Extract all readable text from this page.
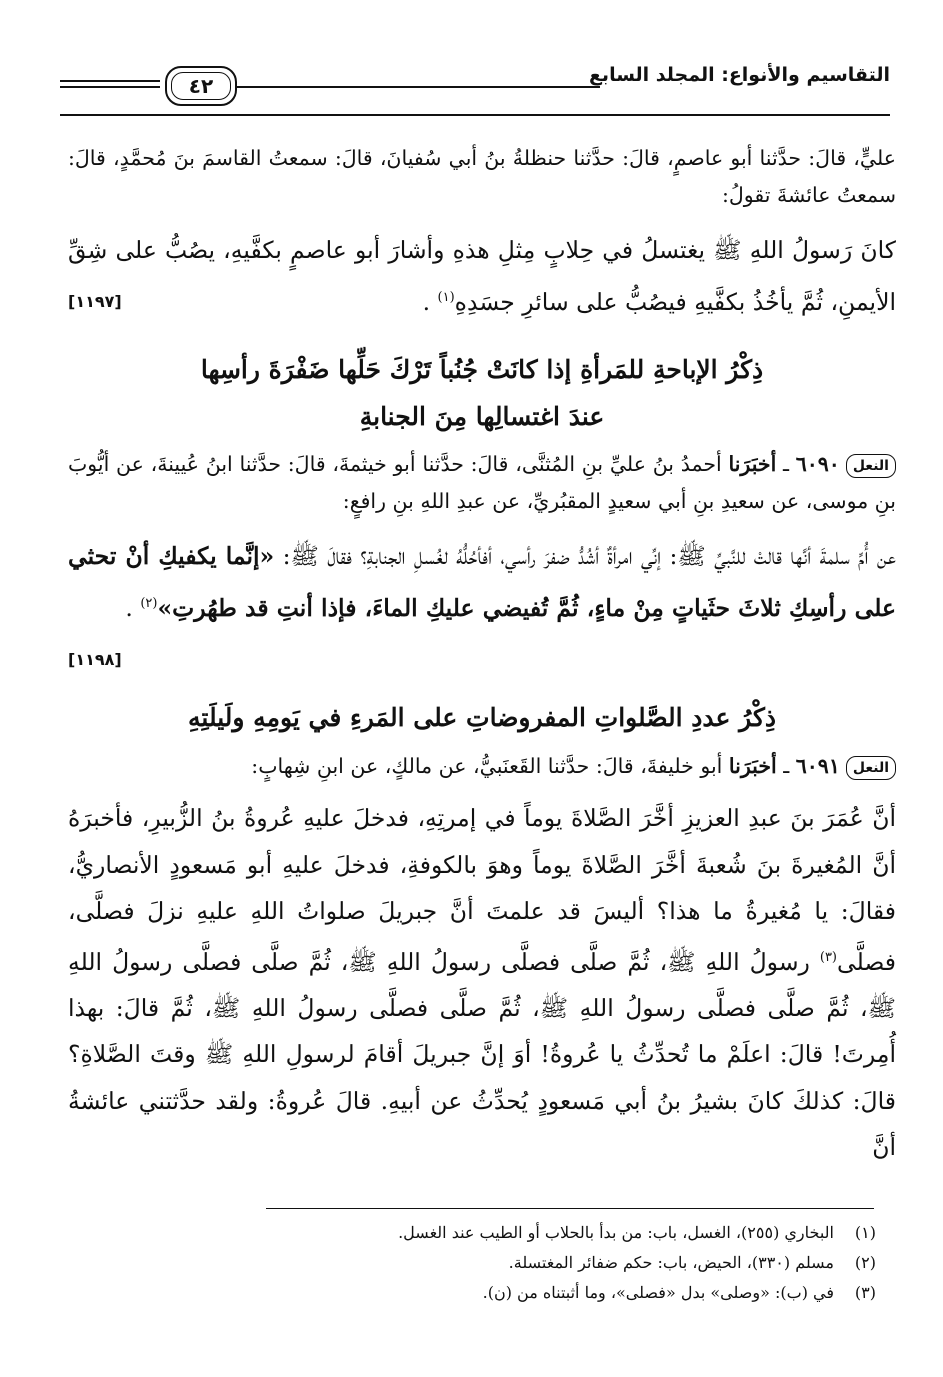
التقاسيم والأنواع: المجلد السابع
٤٢
عليٍّ، قالَ: حدَّثنا أبو عاصمٍ، قالَ: حدَّثنا حنظلةُ بنُ أبي سُفيانَ، قالَ: سمعتُ القاسمَ بنَ مُحمَّدٍ، قالَ: سمعتُ عائشةَ تقولُ:
كانَ رَسولُ اللهِ ﷺ يغتسلُ في حِلابٍ مِثلِ هذهِ وأشارَ أبو عاصمٍ بكفَّيهِ، يصُبُّ على شِقِّ الأيمنِ، ثُمَّ يأخُذُ بكفَّيهِ فيصُبُّ على سائرِ جسَدِهِ$^{(١)}$ .
[١١٩٧]
ذِكْرُ الإباحةِ للمَرأةِ إذا كانَتْ جُنُباً تَرْكَ حَلِّها ضَفْرَةَ رأسِها
عندَ اغتسالِها مِنَ الجنابةِ
النعل٦٠٩٠ ـ أخبَرَنا أحمدُ بنُ عليِّ بنِ المُثنَّى، قالَ: حدَّثنا أبو خيثمةَ، قالَ: حدَّثنا ابنُ عُيينةَ، عن أيُّوبَ بنِ موسى، عن سعيدِ بنِ أبي سعيدٍ المقبُريِّ، عن عبدِ اللهِ بنِ رافعٍ:
عن أُمِّ سلمةَ أنَّها قالتْ للنَّبيِّ ﷺ: إنِّي امرأةٌ أشُدُّ ضفرَ رأسي، أفأحُلُّهُ لغُسلِ الجنابةِ؟ فقالَ ﷺ: «إنَّما يكفيكِ أنْ تحثي على رأسِكِ ثلاثَ حثَياتٍ مِنْ ماءٍ، ثُمَّ تُفيضي عليكِ الماءَ، فإذا أنتِ قد طهُرتِ»$^{(٢)}$ .
[١١٩٨]
ذِكْرُ عددِ الصَّلواتِ المفروضاتِ على المَرءِ في يَومِهِ ولَيلَتِهِ
النعل٦٠٩١ ـ أخبَرَنا أبو خليفةَ، قالَ: حدَّثنا القَعنَبيُّ، عن مالكٍ، عن ابنِ شِهابٍ:
أنَّ عُمَرَ بنَ عبدِ العزيزِ أخَّرَ الصَّلاةَ يوماً في إمرتِهِ، فدخلَ عليهِ عُروةُ بنُ الزُّبيرِ، فأخبرَهُ أنَّ المُغيرةَ بنَ شُعبةَ أخَّرَ الصَّلاةَ يوماً وهوَ بالكوفةِ، فدخلَ عليهِ أبو مَسعودٍ الأنصاريُّ، فقالَ: يا مُغيرةُ ما هذا؟ أليسَ قد علمتَ أنَّ جبريلَ صلواتُ اللهِ عليهِ نزلَ فصلَّى، فصلَّى$^{(٣)}$ رسولُ اللهِ ﷺ، ثُمَّ صلَّى فصلَّى رسولُ اللهِ ﷺ، ثُمَّ صلَّى فصلَّى رسولُ اللهِ ﷺ، ثُمَّ صلَّى فصلَّى رسولُ اللهِ ﷺ، ثُمَّ صلَّى فصلَّى رسولُ اللهِ ﷺ، ثُمَّ قالَ: بهذا أُمِرتَ! قالَ: اعلَمْ ما تُحدِّثُ يا عُروةُ! أوَ إنَّ جبريلَ أقامَ لرسولِ اللهِ ﷺ وقتَ الصَّلاةِ؟ قالَ: كذلكَ كانَ بشيرُ بنُ أبي مَسعودٍ يُحدِّثُ عن أبيهِ. قالَ عُروةُ: ولقد حدَّثتني عائشةُ أنَّ
(١)البخاري (٢٥٥)، الغسل، باب: من بدأ بالحلاب أو الطيب عند الغسل.
(٢)مسلم (٣٣٠)، الحيض، باب: حكم ضفائر المغتسلة.
(٣)في (ب): «وصلى» بدل «فصلى»، وما أثبتناه من (ن).
